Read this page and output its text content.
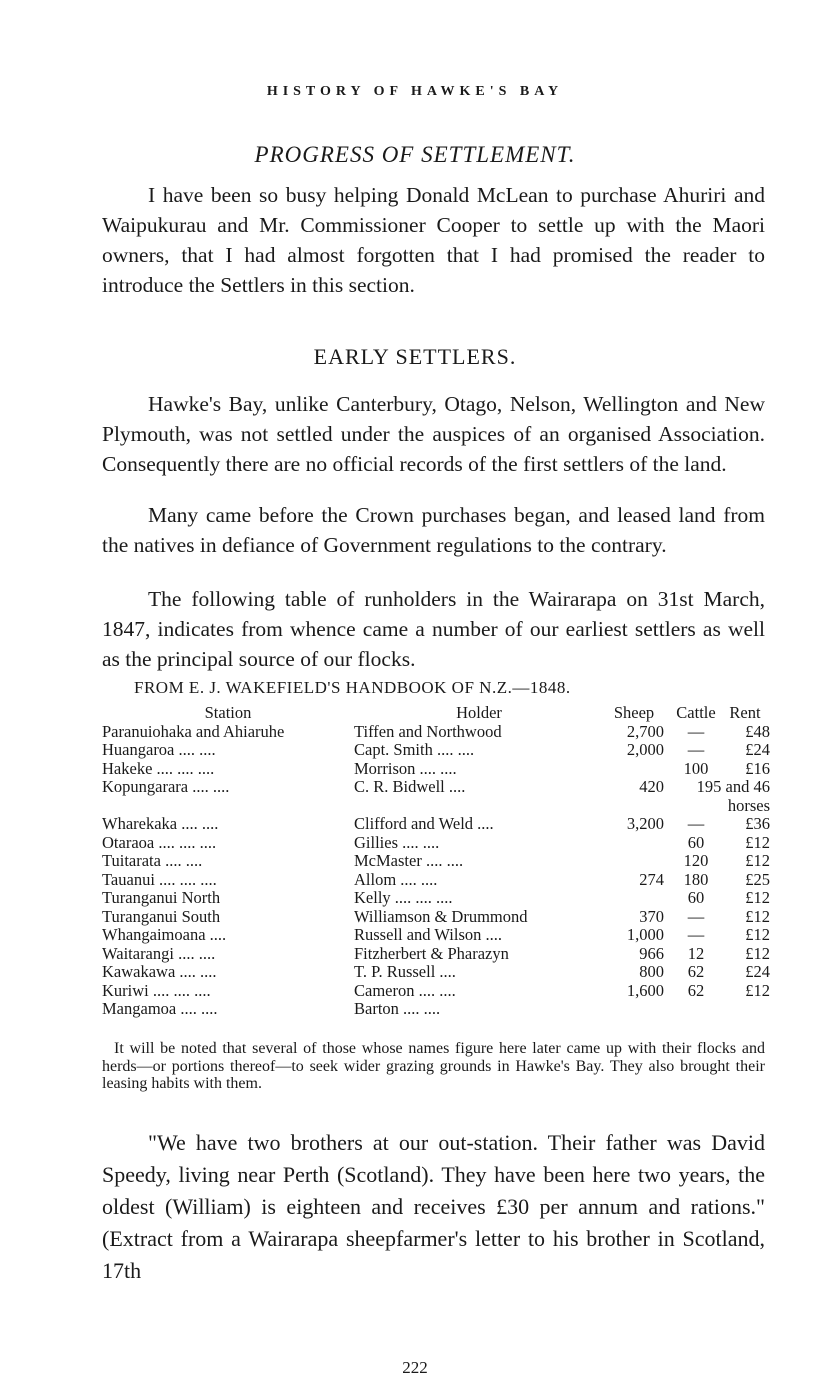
HISTORY OF HAWKE'S BAY
PROGRESS OF SETTLEMENT.

I have been so busy helping Donald McLean to purchase Ahuriri and Waipukurau and Mr. Commissioner Cooper to settle up with the Maori owners, that I had almost forgotten that I had promised the reader to introduce the Settlers in this section.

EARLY SETTLERS.

Hawke's Bay, unlike Canterbury, Otago, Nelson, Wellington and New Plymouth, was not settled under the auspices of an organised Association. Consequently there are no official records of the first settlers of the land.

Many came before the Crown purchases began, and leased land from the natives in defiance of Government regulations to the contrary.

The following table of runholders in the Wairarapa on 31st March, 1847, indicates from whence came a number of our earliest settlers as well as the principal source of our flocks.

FROM E. J. WAKEFIELD'S HANDBOOK OF N.Z.—1848.
Station	Holder	Sheep	Cattle	Rent
Paranuiohaka and Ahiaruhe	Tiffen and Northwood	2,700	—	£48
Huangaroa .... ....	Capt. Smith .... ....	2,000	—	£24
Hakeke .... .... ....	Morrison .... ....		100	£16
Kopungarara .... ....	C. R. Bidwell ....	420	195 and 46	
			horses	
Wharekaka .... ....	Clifford and Weld ....	3,200	—	£36
Otaraoa .... .... ....	Gillies .... ....		60	£12
Tuitarata .... ....	McMaster .... ....		120	£12
Tauanui .... .... ....	Allom .... ....	274	180	£25
Turanganui North	Kelly .... .... ....		60	£12
Turanganui South	Williamson & Drummond	370	—	£12
Whangaimoana ....	Russell and Wilson ....	1,000	—	£12
Waitarangi .... ....	Fitzherbert & Pharazyn	966	12	£12
Kawakawa .... ....	T. P. Russell ....	800	62	£24
Kuriwi .... .... ....	Cameron .... ....	1,600	62	£12
Mangamoa .... ....	Barton .... ....			

It will be noted that several of those whose names figure here later came up with their flocks and herds—or portions thereof—to seek wider grazing grounds in Hawke's Bay. They also brought their leasing habits with them.

"We have two brothers at our out-station. Their father was David Speedy, living near Perth (Scotland). They have been here two years, the oldest (William) is eighteen and receives £30 per annum and rations." (Extract from a Wairarapa sheepfarmer's letter to his brother in Scotland, 17th

222
